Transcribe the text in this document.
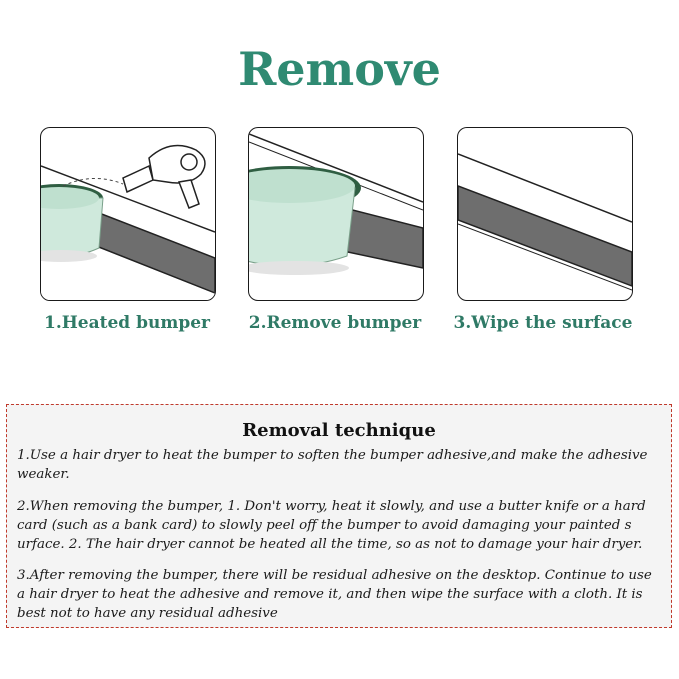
Remove
1.Heated bumper	2.Remove bumper	3.Wipe the surface
Removal technique
1.Use a hair dryer to heat the bumper to soften the bumper adhesive,and make the adhesive weaker.
2.When removing the bumper, 1. Don't worry, heat it slowly, and use a butter knife or a hard card (such as a bank card) to slowly peel off the bumper to avoid damaging your painted s urface. 2. The hair dryer cannot be heated all the time, so as not to damage your hair dryer.
3.After removing the bumper, there will be residual adhesive on the desktop. Continue to use a hair dryer to heat the adhesive and remove it, and then wipe the surface with a cloth. It is best not to have any residual adhesive
